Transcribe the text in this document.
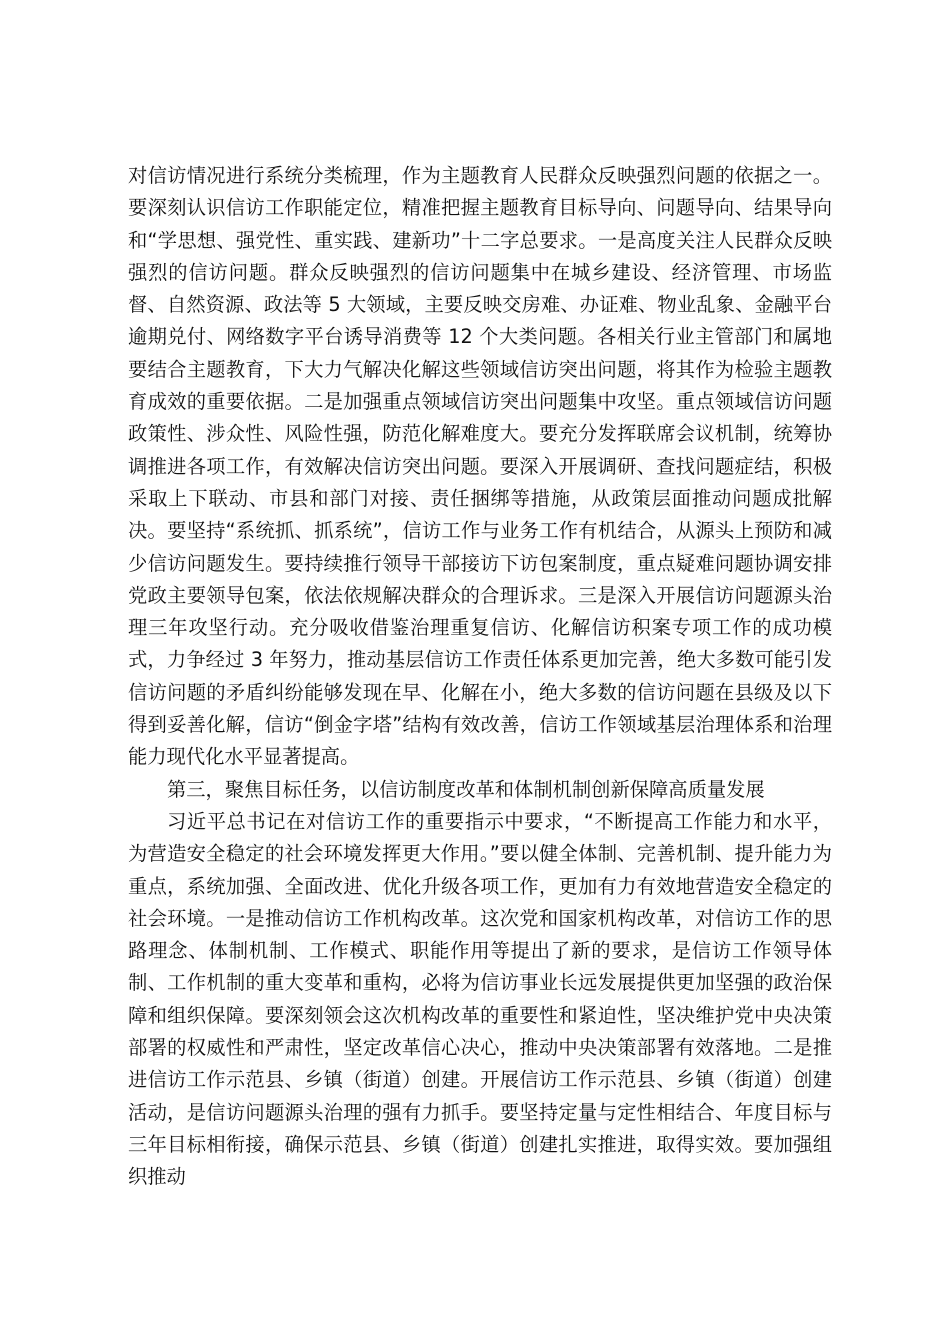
对信访情况进行系统分类梳理，作为主题教育人民群众反映强烈问题的依据之一。要深刻认识信访工作职能定位，精准把握主题教育目标导向、问题导向、结果导向和“学思想、强党性、重实践、建新功”十二字总要求。一是高度关注人民群众反映强烈的信访问题。群众反映强烈的信访问题集中在城乡建设、经济管理、市场监督、自然资源、政法等 5 大领域，主要反映交房难、办证难、物业乱象、金融平台逾期兑付、网络数字平台诱导消费等 12 个大类问题。各相关行业主管部门和属地要结合主题教育，下大力气解决化解这些领域信访突出问题，将其作为检验主题教育成效的重要依据。二是加强重点领域信访突出问题集中攻坚。重点领域信访问题政策性、涉众性、风险性强，防范化解难度大。要充分发挥联席会议机制，统筹协调推进各项工作，有效解决信访突出问题。要深入开展调研、查找问题症结，积极采取上下联动、市县和部门对接、责任捆绑等措施，从政策层面推动问题成批解决。要坚持“系统抓、抓系统”，信访工作与业务工作有机结合，从源头上预防和减少信访问题发生。要持续推行领导干部接访下访包案制度，重点疑难问题协调安排党政主要领导包案，依法依规解决群众的合理诉求。三是深入开展信访问题源头治理三年攻坚行动。充分吸收借鉴治理重复信访、化解信访积案专项工作的成功模式，力争经过 3 年努力，推动基层信访工作责任体系更加完善，绝大多数可能引发信访问题的矛盾纠纷能够发现在早、化解在小，绝大多数的信访问题在县级及以下得到妥善化解，信访“倒金字塔”结构有效改善，信访工作领域基层治理体系和治理能力现代化水平显著提高。

第三，聚焦目标任务，以信访制度改革和体制机制创新保障高质量发展

习近平总书记在对信访工作的重要指示中要求，“不断提高工作能力和水平，为营造安全稳定的社会环境发挥更大作用。”要以健全体制、完善机制、提升能力为重点，系统加强、全面改进、优化升级各项工作，更加有力有效地营造安全稳定的社会环境。一是推动信访工作机构改革。这次党和国家机构改革，对信访工作的思路理念、体制机制、工作模式、职能作用等提出了新的要求，是信访工作领导体制、工作机制的重大变革和重构，必将为信访事业长远发展提供更加坚强的政治保障和组织保障。要深刻领会这次机构改革的重要性和紧迫性，坚决维护党中央决策部署的权威性和严肃性，坚定改革信心决心，推动中央决策部署有效落地。二是推进信访工作示范县、乡镇（街道）创建。开展信访工作示范县、乡镇（街道）创建活动，是信访问题源头治理的强有力抓手。要坚持定量与定性相结合、年度目标与三年目标相衔接，确保示范县、乡镇（街道）创建扎实推进，取得实效。要加强组织推动
